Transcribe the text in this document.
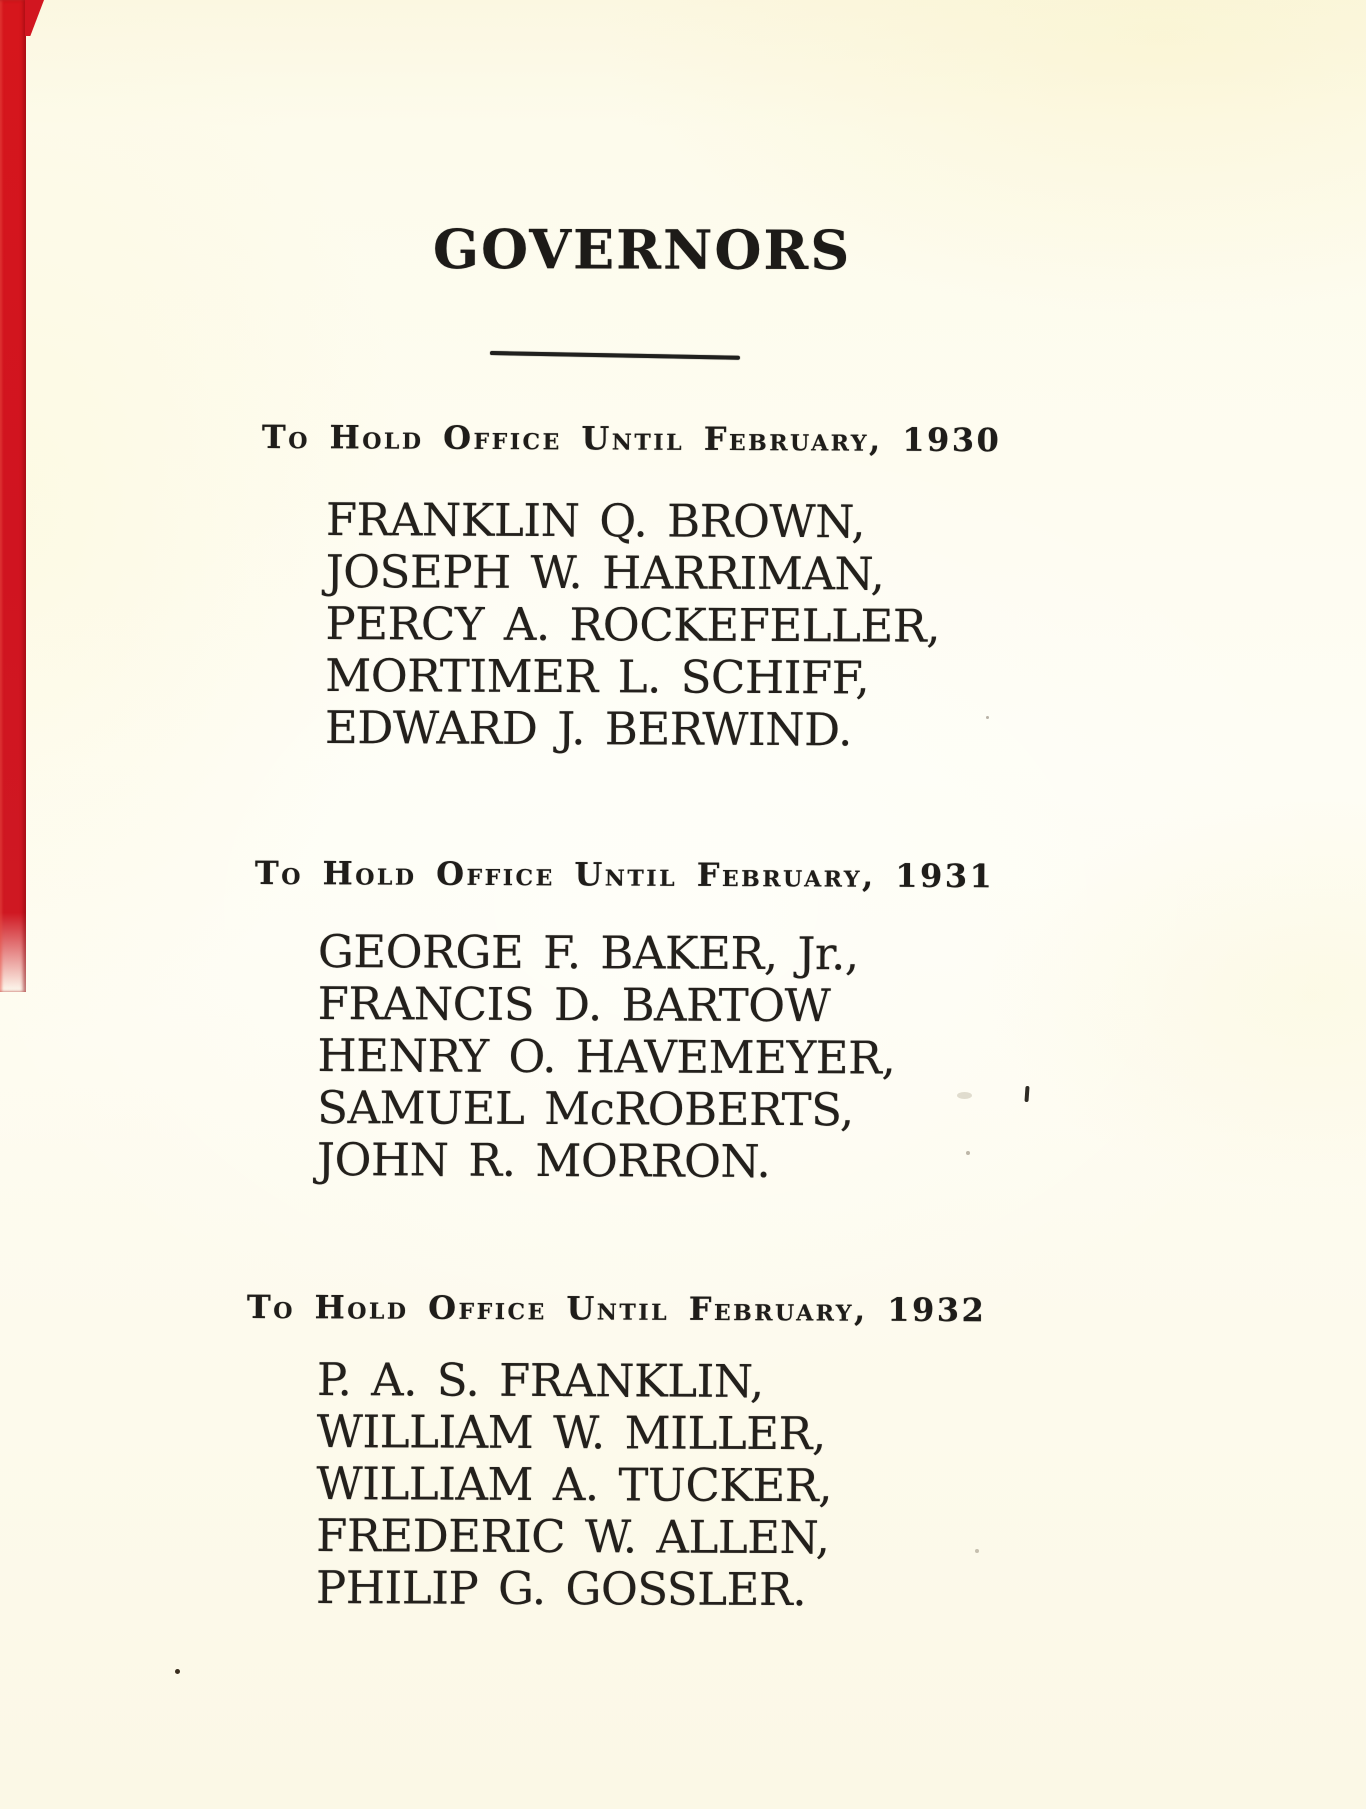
GOVERNORS
To Hold Office Until February, 1930
FRANKLIN Q. BROWN,
JOSEPH W. HARRIMAN,
PERCY A. ROCKEFELLER,
MORTIMER L. SCHIFF,
EDWARD J. BERWIND.
To Hold Office Until February, 1931
GEORGE F. BAKER, Jr.,
FRANCIS D. BARTOW
HENRY O. HAVEMEYER,
SAMUEL McROBERTS,
JOHN R. MORRON.
To Hold Office Until February, 1932
P. A. S. FRANKLIN,
WILLIAM W. MILLER,
WILLIAM A. TUCKER,
FREDERIC W. ALLEN,
PHILIP G. GOSSLER.
